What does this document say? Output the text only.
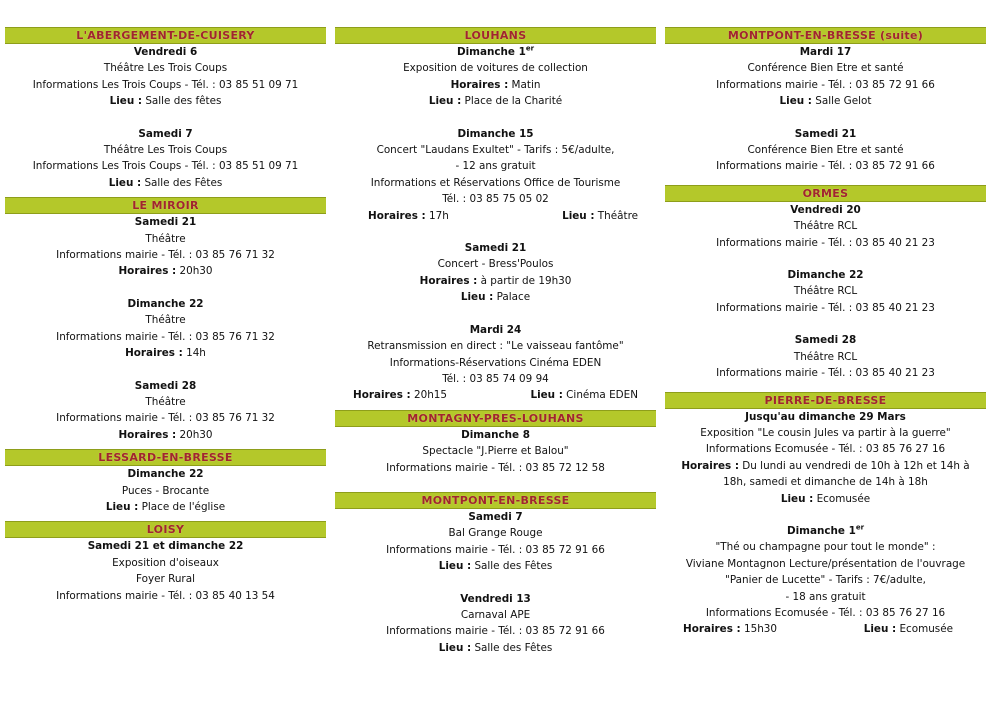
L'ABERGEMENT-DE-CUISERY
Vendredi 6
Théâtre Les Trois Coups
Informations Les Trois Coups - Tél. : 03 85 51 09 71
Lieu : Salle des fêtes
Samedi 7
Théâtre Les Trois Coups
Informations Les Trois Coups - Tél. : 03 85 51 09 71
Lieu : Salle des Fêtes
LE MIROIR
Samedi 21
Théâtre
Informations mairie - Tél. : 03 85 76 71 32
Horaires : 20h30
Dimanche 22
Théâtre
Informations mairie - Tél. : 03 85 76 71 32
Horaires : 14h
Samedi 28
Théâtre
Informations mairie - Tél. : 03 85 76 71 32
Horaires : 20h30
LESSARD-EN-BRESSE
Dimanche 22
Puces - Brocante
Lieu : Place de l'église
LOISY
Samedi 21 et dimanche 22
Exposition d'oiseaux
Foyer Rural
Informations mairie - Tél. : 03 85 40 13 54
LOUHANS
Dimanche 1er
Exposition de voitures de collection
Horaires : Matin
Lieu : Place de la Charité
Dimanche 15
Concert "Laudans Exultet" - Tarifs : 5€/adulte,
- 12 ans gratuit
Informations et Réservations Office de Tourisme
Tél. : 03 85 75 05 02
Horaires : 17h	Lieu : Théâtre
Samedi 21
Concert - Bress'Poulos
Horaires : à partir de 19h30
Lieu : Palace
Mardi 24
Retransmission en direct : "Le vaisseau fantôme"
Informations-Réservations Cinéma EDEN
Tél. : 03 85 74 09 94
Horaires : 20h15	Lieu : Cinéma EDEN
MONTAGNY-PRES-LOUHANS
Dimanche 8
Spectacle "J.Pierre et Balou"
Informations mairie - Tél. : 03 85 72 12 58
MONTPONT-EN-BRESSE
Samedi 7
Bal Grange Rouge
Informations mairie - Tél. : 03 85 72 91 66
Lieu : Salle des Fêtes
Vendredi 13
Carnaval APE
Informations mairie - Tél. : 03 85 72 91 66
Lieu : Salle des Fêtes
MONTPONT-EN-BRESSE (suite)
Mardi 17
Conférence Bien Etre et santé
Informations mairie - Tél. : 03 85 72 91 66
Lieu : Salle Gelot
Samedi 21
Conférence Bien Etre et santé
Informations mairie - Tél. : 03 85 72 91 66
ORMES
Vendredi 20
Théâtre RCL
Informations mairie - Tél. : 03 85 40 21 23
Dimanche 22
Théâtre RCL
Informations mairie - Tél. : 03 85 40 21 23
Samedi 28
Théâtre RCL
Informations mairie - Tél. : 03 85 40 21 23
PIERRE-DE-BRESSE
Jusqu'au dimanche 29 Mars
Exposition "Le cousin Jules va partir à la guerre"
Informations Ecomusée - Tél. : 03 85 76 27 16
Horaires : Du lundi au vendredi de 10h à 12h et 14h à
18h, samedi et dimanche de 14h à 18h
Lieu : Ecomusée
Dimanche 1er
"Thé ou champagne pour tout le monde" :
Viviane Montagnon Lecture/présentation de l'ouvrage
"Panier de Lucette" - Tarifs : 7€/adulte,
- 18 ans gratuit
Informations Ecomusée - Tél. : 03 85 76 27 16
Horaires : 15h30	Lieu : Ecomusée
